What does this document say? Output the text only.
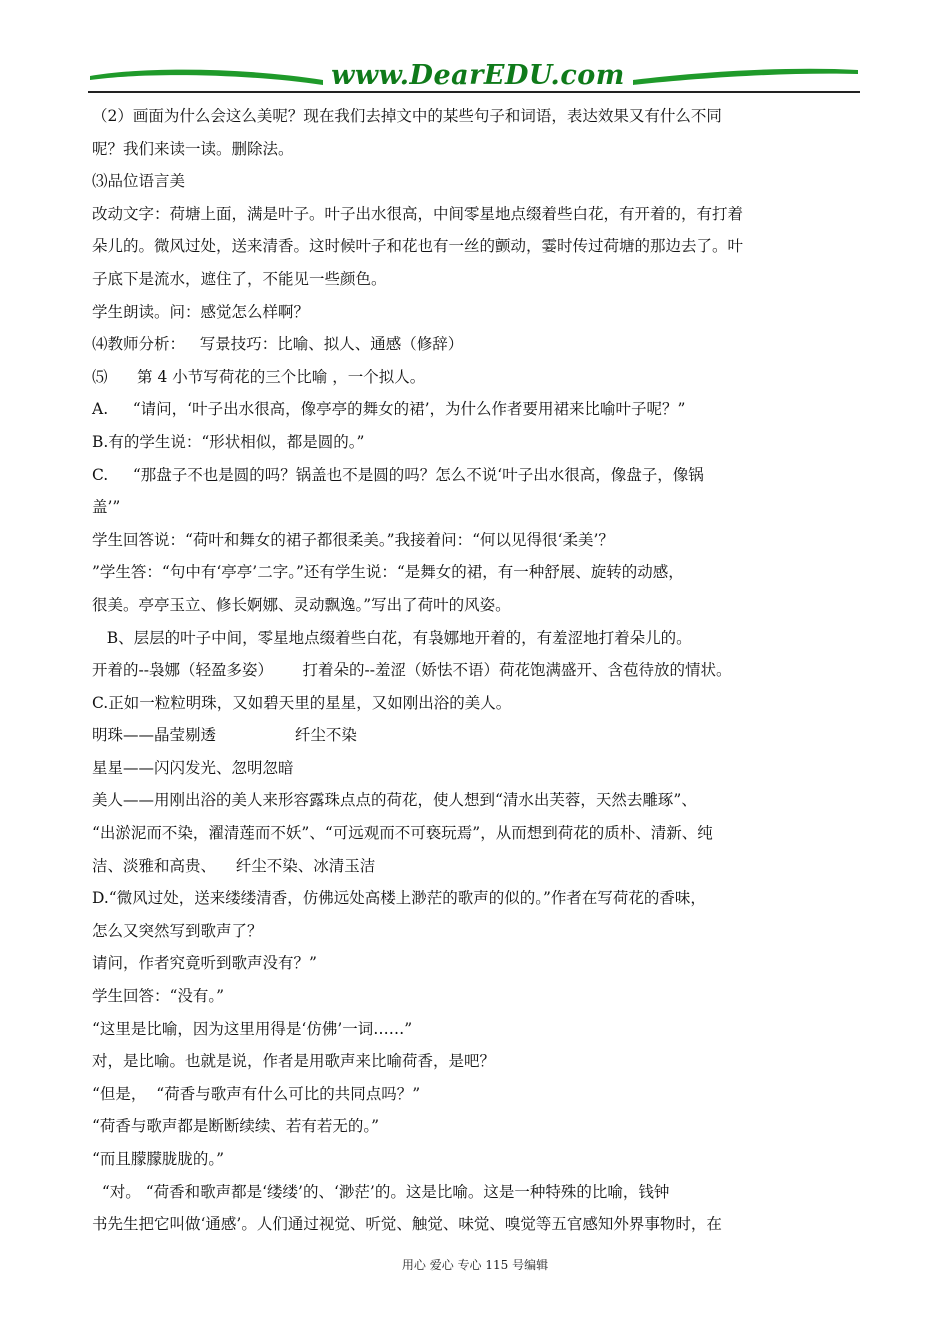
www.DearEDU.com

（2）画面为什么会这么美呢？现在我们去掉文中的某些句子和词语，表达效果又有什么不同

呢？我们来读一读。删除法。

⑶品位语言美

改动文字：荷塘上面，满是叶子。叶子出水很高，中间零星地点缀着些白花，有开着的，有打着

朵儿的。微风过处，送来清香。这时候叶子和花也有一丝的颤动，霎时传过荷塘的那边去了。叶

子底下是流水，遮住了，不能见一些颜色。

学生朗读。问：感觉怎么样啊？

⑷教师分析：   写景技巧：比喻、拟人、通感（修辞）

⑸      第 4 小节写荷花的三个比喻 ，一个拟人。

A.     “请问，‘叶子出水很高，像亭亭的舞女的裙’，为什么作者要用裙来比喻叶子呢？”

B.有的学生说：“形状相似，都是圆的。”

C.     “那盘子不也是圆的吗？锅盖也不是圆的吗？怎么不说‘叶子出水很高，像盘子，像锅

盖’”

学生回答说：“荷叶和舞女的裙子都很柔美。”我接着问：“何以见得很‘柔美’？

”学生答：“句中有‘亭亭’二字。”还有学生说：“是舞女的裙，有一种舒展、旋转的动感，

很美。亭亭玉立、修长婀娜、灵动飘逸。”写出了荷叶的风姿。

B、层层的叶子中间，零星地点缀着些白花，有袅娜地开着的，有羞涩地打着朵儿的。

开着的--袅娜（轻盈多姿）      打着朵的--羞涩（娇怯不语）荷花饱满盛开、含苞待放的情状。

C.正如一粒粒明珠，又如碧天里的星星，又如刚出浴的美人。

明珠——晶莹剔透                纤尘不染

星星——闪闪发光、忽明忽暗

美人——用刚出浴的美人来形容露珠点点的荷花，使人想到“清水出芙蓉，天然去雕琢”、

“出淤泥而不染，濯清莲而不妖”、“可远观而不可亵玩焉”，从而想到荷花的质朴、清新、纯

洁、淡雅和高贵、    纤尘不染、冰清玉洁

D.“微风过处，送来缕缕清香，仿佛远处高楼上渺茫的歌声的似的。”作者在写荷花的香味，

怎么又突然写到歌声了？

请问，作者究竟听到歌声没有？”

学生回答：“没有。”

“这里是比喻，因为这里用得是‘仿佛’一词……”

对，是比喻。也就是说，作者是用歌声来比喻荷香，是吧？

“但是，  “荷香与歌声有什么可比的共同点吗？”

“荷香与歌声都是断断续续、若有若无的。”

“而且朦朦胧胧的。”

“对。 “荷香和歌声都是‘缕缕’的、‘渺茫’的。这是比喻。这是一种特殊的比喻，钱钟

书先生把它叫做‘通感’。人们通过视觉、听觉、触觉、味觉、嗅觉等五官感知外界事物时，在

用心 爱心 专心 115 号编辑
